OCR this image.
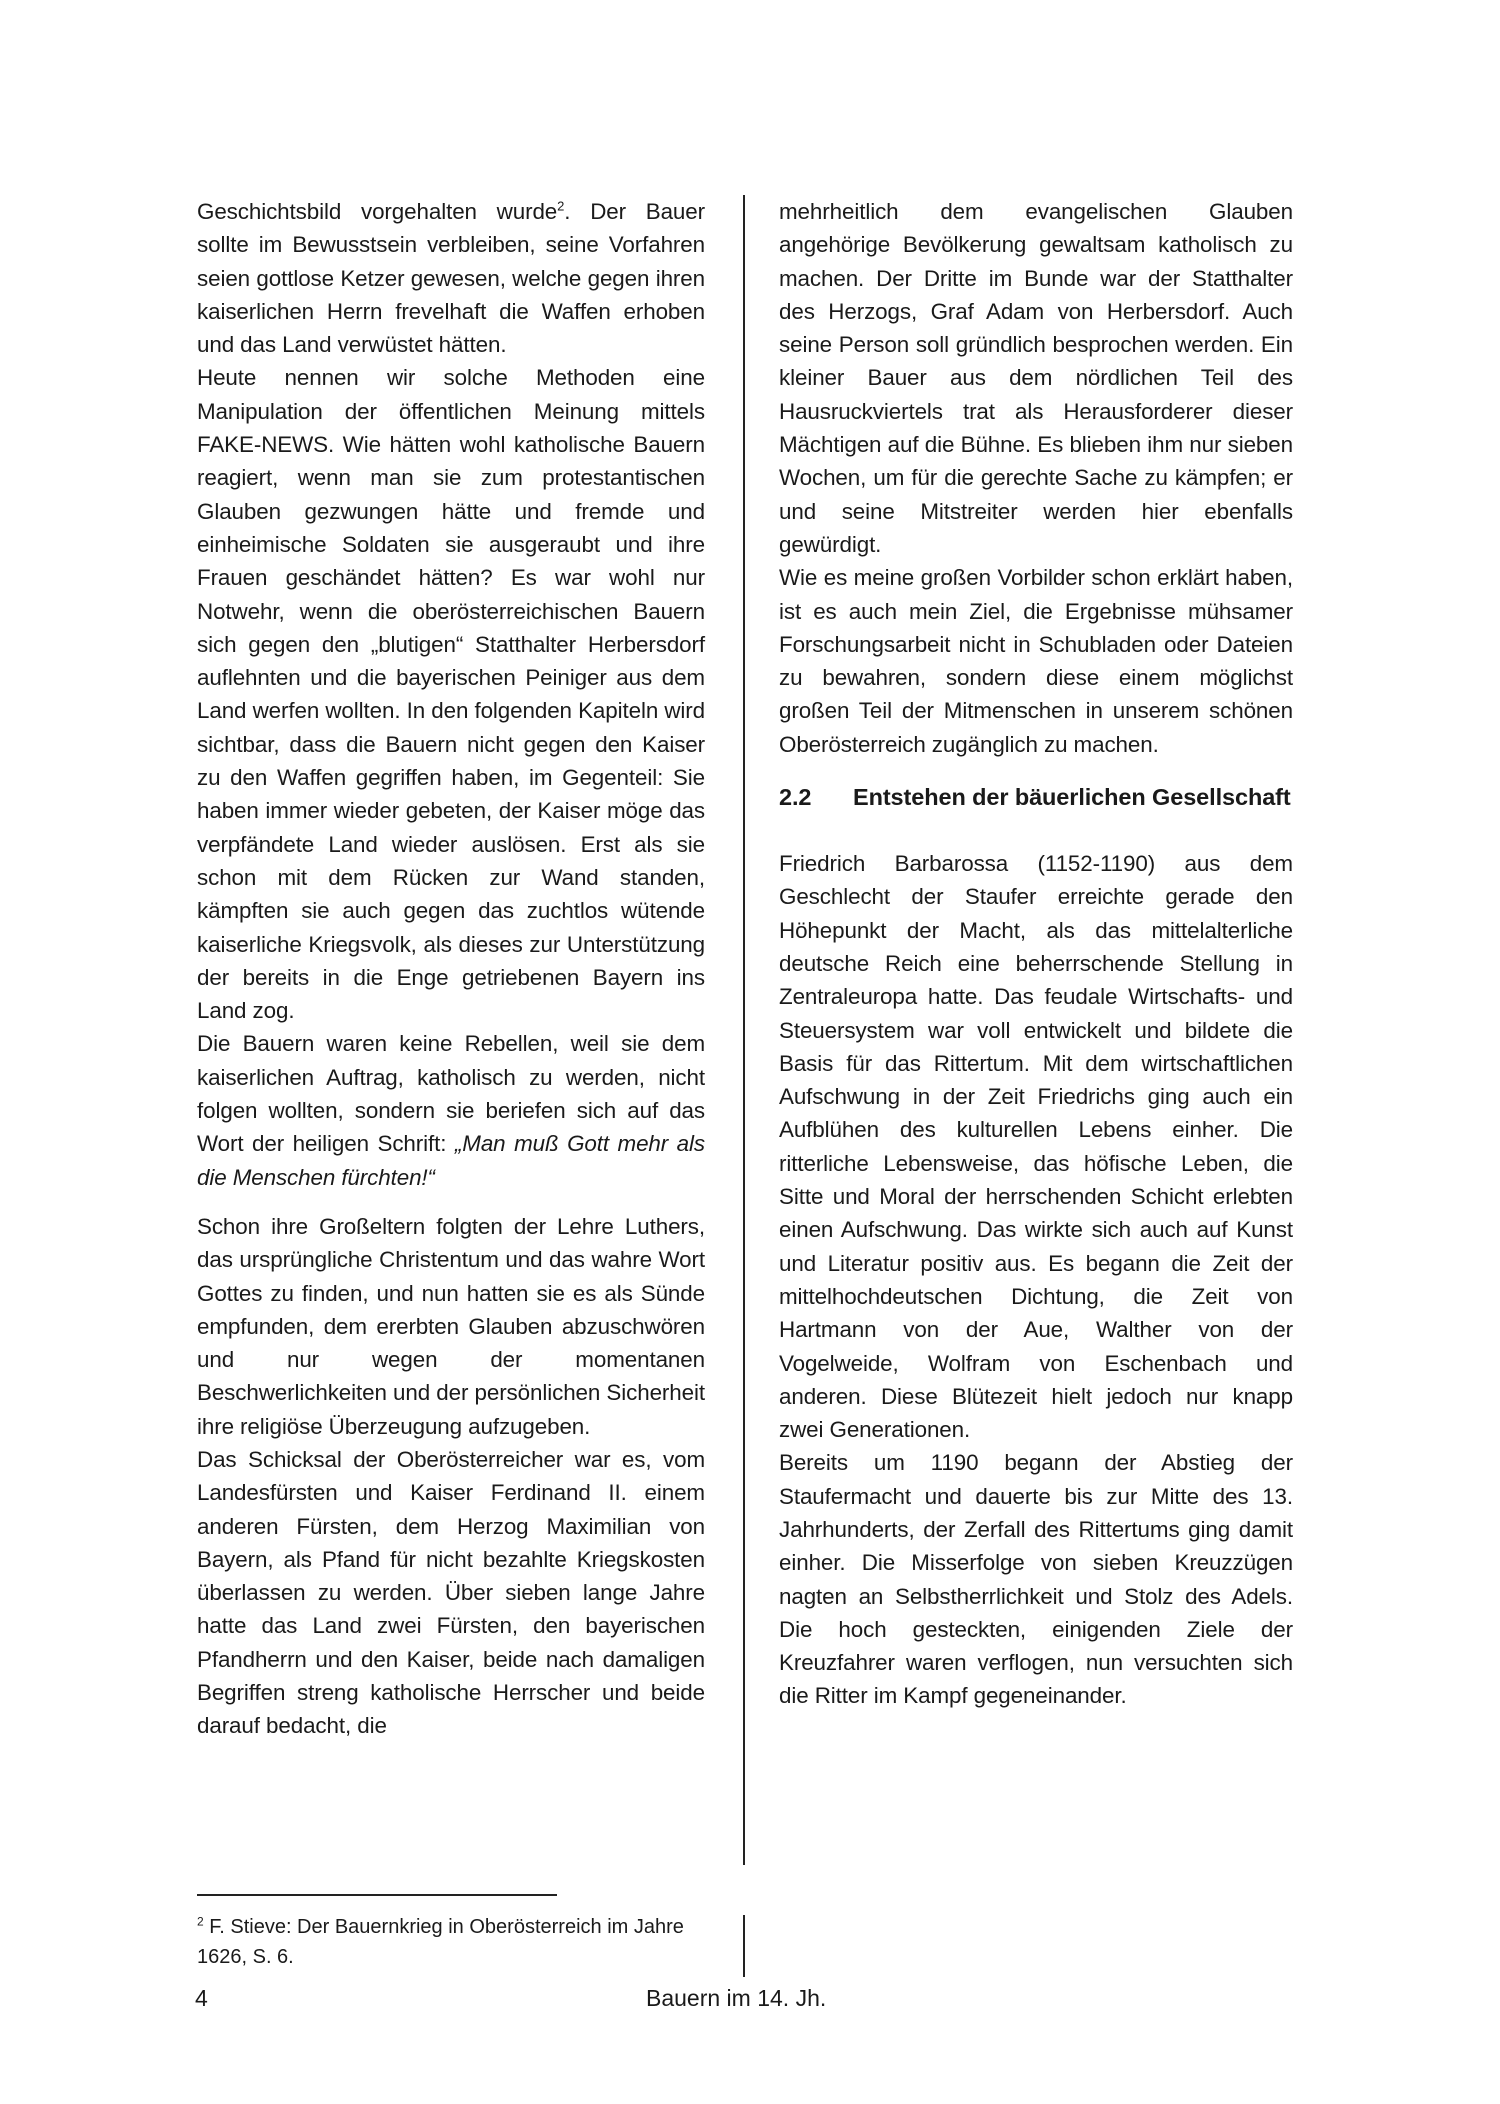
Geschichtsbild vorgehalten wurde$^2$. Der Bauer sollte im Bewusstsein verbleiben, seine Vorfahren seien gottlose Ketzer gewesen, welche gegen ihren kaiserlichen Herrn frevelhaft die Waffen erhoben und das Land verwüstet hätten.

Heute nennen wir solche Methoden eine Manipulation der öffentlichen Meinung mittels FAKE-NEWS. Wie hätten wohl katholische Bauern reagiert, wenn man sie zum protestantischen Glauben gezwungen hätte und fremde und einheimische Soldaten sie ausgeraubt und ihre Frauen geschändet hätten? Es war wohl nur Notwehr, wenn die oberösterreichischen Bauern sich gegen den „blutigen“ Statthalter Herbersdorf auflehnten und die bayerischen Peiniger aus dem Land werfen wollten. In den folgenden Kapiteln wird sichtbar, dass die Bauern nicht gegen den Kaiser zu den Waffen gegriffen haben, im Gegenteil: Sie haben immer wieder gebeten, der Kaiser möge das verpfändete Land wieder auslösen. Erst als sie schon mit dem Rücken zur Wand standen, kämpften sie auch gegen das zuchtlos wütende kaiserliche Kriegsvolk, als dieses zur Unterstützung der bereits in die Enge getriebenen Bayern ins Land zog.

Die Bauern waren keine Rebellen, weil sie dem kaiserlichen Auftrag, katholisch zu werden, nicht folgen wollten, sondern sie beriefen sich auf das Wort der heiligen Schrift: „Man muß Gott mehr als die Menschen fürchten!“

Schon ihre Großeltern folgten der Lehre Luthers, das ursprüngliche Christentum und das wahre Wort Gottes zu finden, und nun hatten sie es als Sünde empfunden, dem ererbten Glauben abzuschwören und nur wegen der momentanen Beschwerlichkeiten und der persönlichen Sicherheit ihre religiöse Überzeugung aufzugeben.

Das Schicksal der Oberösterreicher war es, vom Landesfürsten und Kaiser Ferdinand II. einem anderen Fürsten, dem Herzog Maximilian von Bayern, als Pfand für nicht bezahlte Kriegskosten überlassen zu werden. Über sieben lange Jahre hatte das Land zwei Fürsten, den bayerischen Pfandherrn und den Kaiser, beide nach damaligen Begriffen streng katholische Herrscher und beide darauf bedacht, die

mehrheitlich dem evangelischen Glauben angehörige Bevölkerung gewaltsam katholisch zu machen. Der Dritte im Bunde war der Statthalter des Herzogs, Graf Adam von Herbersdorf. Auch seine Person soll gründlich besprochen werden. Ein kleiner Bauer aus dem nördlichen Teil des Hausruckviertels trat als Herausforderer dieser Mächtigen auf die Bühne. Es blieben ihm nur sieben Wochen, um für die gerechte Sache zu kämpfen; er und seine Mitstreiter werden hier ebenfalls gewürdigt.

Wie es meine großen Vorbilder schon erklärt haben, ist es auch mein Ziel, die Ergebnisse mühsamer Forschungsarbeit nicht in Schubladen oder Dateien zu bewahren, sondern diese einem möglichst großen Teil der Mitmenschen in unserem schönen Oberösterreich zugänglich zu machen.

2.2	Entstehen der bäuerlichen Gesellschaft

Friedrich Barbarossa (1152-1190) aus dem Geschlecht der Staufer erreichte gerade den Höhepunkt der Macht, als das mittelalterliche deutsche Reich eine beherrschende Stellung in Zentraleuropa hatte. Das feudale Wirtschafts- und Steuersystem war voll entwickelt und bildete die Basis für das Rittertum. Mit dem wirtschaftlichen Aufschwung in der Zeit Friedrichs ging auch ein Aufblühen des kulturellen Lebens einher. Die ritterliche Lebensweise, das höfische Leben, die Sitte und Moral der herrschenden Schicht erlebten einen Aufschwung. Das wirkte sich auch auf Kunst und Literatur positiv aus. Es begann die Zeit der mittelhochdeutschen Dichtung, die Zeit von Hartmann von der Aue, Walther von der Vogelweide, Wolfram von Eschenbach und anderen. Diese Blütezeit hielt jedoch nur knapp zwei Generationen.

Bereits um 1190 begann der Abstieg der Staufermacht und dauerte bis zur Mitte des 13. Jahrhunderts, der Zerfall des Rittertums ging damit einher. Die Misserfolge von sieben Kreuzzügen nagten an Selbstherrlichkeit und Stolz des Adels. Die hoch gesteckten, einigenden Ziele der Kreuzfahrer waren verflogen, nun versuchten sich die Ritter im Kampf gegeneinander.

$^2$ F. Stieve: Der Bauernkrieg in Oberösterreich im Jahre 1626, S. 6.
4	Bauern im 14. Jh.
